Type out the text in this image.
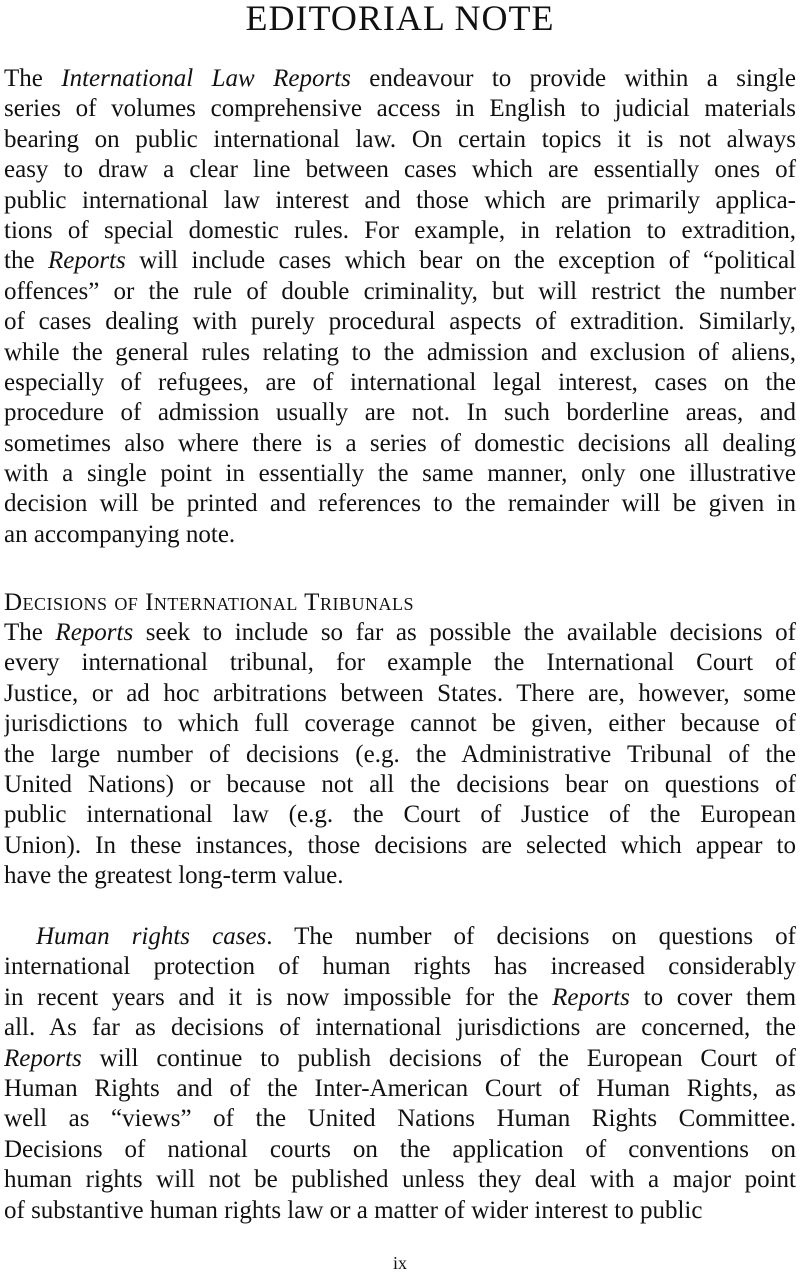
EDITORIAL NOTE
The International Law Reports endeavour to provide within a single
series of volumes comprehensive access in English to judicial materials
bearing on public international law. On certain topics it is not always
easy to draw a clear line between cases which are essentially ones of
public international law interest and those which are primarily applica-
tions of special domestic rules. For example, in relation to extradition,
the Reports will include cases which bear on the exception of “political
offences” or the rule of double criminality, but will restrict the number
of cases dealing with purely procedural aspects of extradition. Similarly,
while the general rules relating to the admission and exclusion of aliens,
especially of refugees, are of international legal interest, cases on the
procedure of admission usually are not. In such borderline areas, and
sometimes also where there is a series of domestic decisions all dealing
with a single point in essentially the same manner, only one illustrative
decision will be printed and references to the remainder will be given in
an accompanying note.
Decisions of International Tribunals
The Reports seek to include so far as possible the available decisions of
every international tribunal, for example the International Court of
Justice, or ad hoc arbitrations between States. There are, however, some
jurisdictions to which full coverage cannot be given, either because of
the large number of decisions (e.g. the Administrative Tribunal of the
United Nations) or because not all the decisions bear on questions of
public international law (e.g. the Court of Justice of the European
Union). In these instances, those decisions are selected which appear to
have the greatest long-term value.
Human rights cases. The number of decisions on questions of
international protection of human rights has increased considerably
in recent years and it is now impossible for the Reports to cover them
all. As far as decisions of international jurisdictions are concerned, the
Reports will continue to publish decisions of the European Court of
Human Rights and of the Inter-American Court of Human Rights, as
well as “views” of the United Nations Human Rights Committee.
Decisions of national courts on the application of conventions on
human rights will not be published unless they deal with a major point
of substantive human rights law or a matter of wider interest to public
ix
